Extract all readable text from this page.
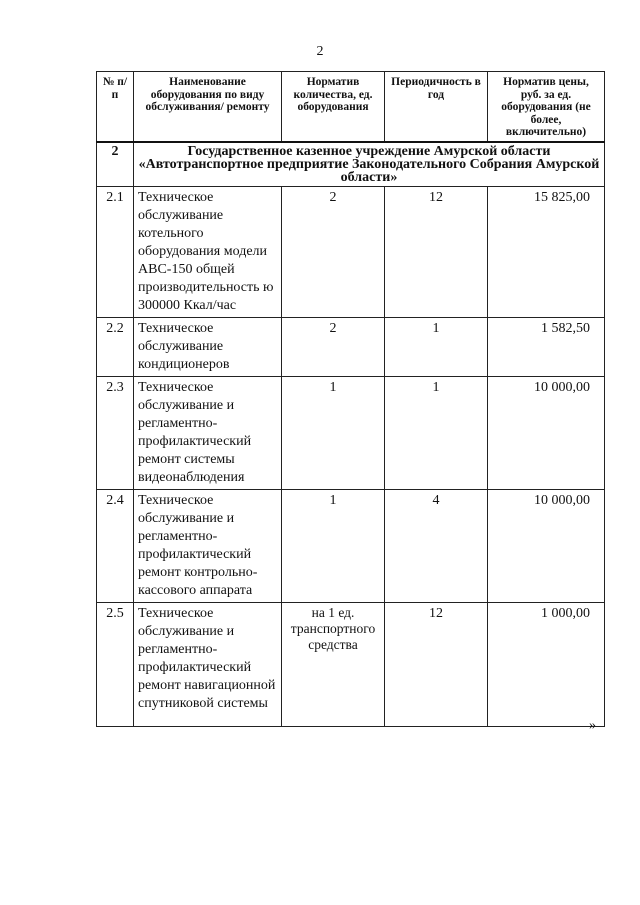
2
№ п/п	Наименование оборудования по виду обслуживания/ ремонту	Норматив количества, ед. оборудования	Периодичность в год	Норматив цены, руб. за ед. оборудования (не более, включительно)
2	Государственное казенное учреждение Амурской области «Автотранспортное предприятие Законодательного Собрания Амурской области»			
2.1	Техническое обслуживание котельного оборудования модели АВС-150 общей производительность ю 300000 Ккал/час	2	12	15 825,00
2.2	Техническое обслуживание кондиционеров	2	1	1 582,50
2.3	Техническое обслуживание и регламентно-профилактический ремонт системы видеонаблюдения	1	1	10 000,00
2.4	Техническое обслуживание и регламентно-профилактический ремонт контрольно-кассового аппарата	1	4	10 000,00
2.5	Техническое обслуживание и регламентно-профилактический ремонт навигационной спутниковой системы	на 1 ед. транспортного средства	12	1 000,00
»
